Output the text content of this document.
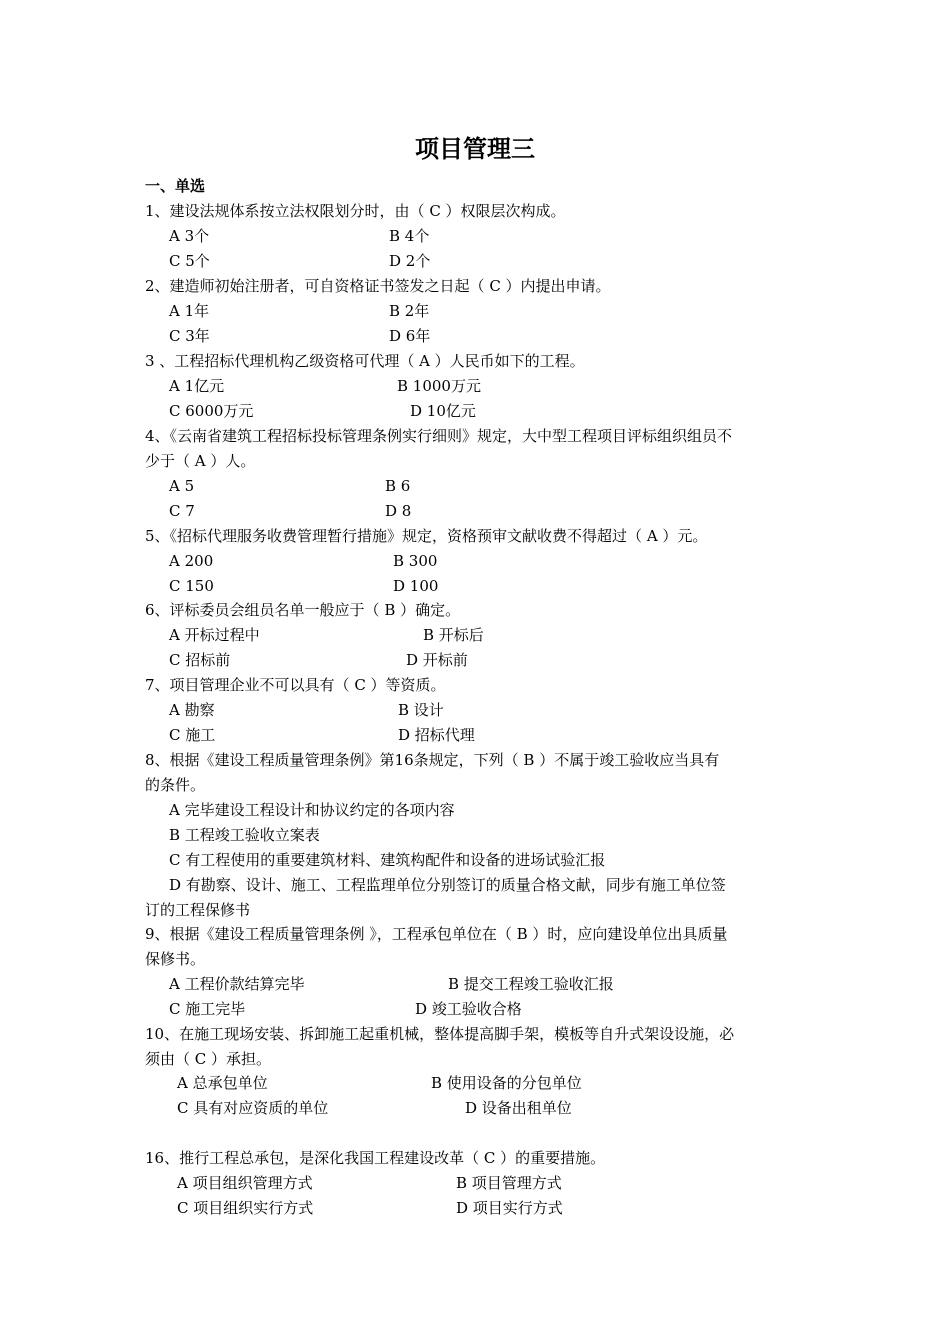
项目管理三
一、单选
1、建设法规体系按立法权限划分时，由（ C ）权限层次构成。
A 3个	B 4个
C 5个	D 2个
2、建造师初始注册者，可自资格证书签发之日起（ C ）内提出申请。
A 1年	B 2年
C 3年	D 6年
3 、工程招标代理机构乙级资格可代理（ A ）人民币如下的工程。
A 1亿元	B 1000万元
C 6000万元	D 10亿元
4、《云南省建筑工程招标投标管理条例实行细则》规定，大中型工程项目评标组织组员不
少于（ A ）人。
A 5	B 6
C 7	D 8
5、《招标代理服务收费管理暂行措施》规定，资格预审文献收费不得超过（ A ）元。
A 200	B 300
C 150	D 100
6、评标委员会组员名单一般应于（ B ）确定。
A 开标过程中	B 开标后
C 招标前	D 开标前
7、项目管理企业不可以具有（ C ）等资质。
A 勘察	B 设计
C 施工	D 招标代理
8、根据《建设工程质量管理条例》第16条规定，下列（ B ）不属于竣工验收应当具有
的条件。
A 完毕建设工程设计和协议约定的各项内容
B 工程竣工验收立案表
C 有工程使用的重要建筑材料、建筑构配件和设备的进场试验汇报
D 有勘察、设计、施工、工程监理单位分别签订的质量合格文献，同步有施工单位签
订的工程保修书
9、根据《建设工程质量管理条例 》，工程承包单位在（ B ）时，应向建设单位出具质量
保修书。
A 工程价款结算完毕	B 提交工程竣工验收汇报
C 施工完毕	D 竣工验收合格
10、在施工现场安装、拆卸施工起重机械，整体提高脚手架，模板等自升式架设设施，必
须由（ C ）承担。
A 总承包单位	B 使用设备的分包单位
C 具有对应资质的单位	D 设备出租单位
16、推行工程总承包，是深化我国工程建设改革（ C ）的重要措施。
A 项目组织管理方式	B 项目管理方式
C 项目组织实行方式	D 项目实行方式
